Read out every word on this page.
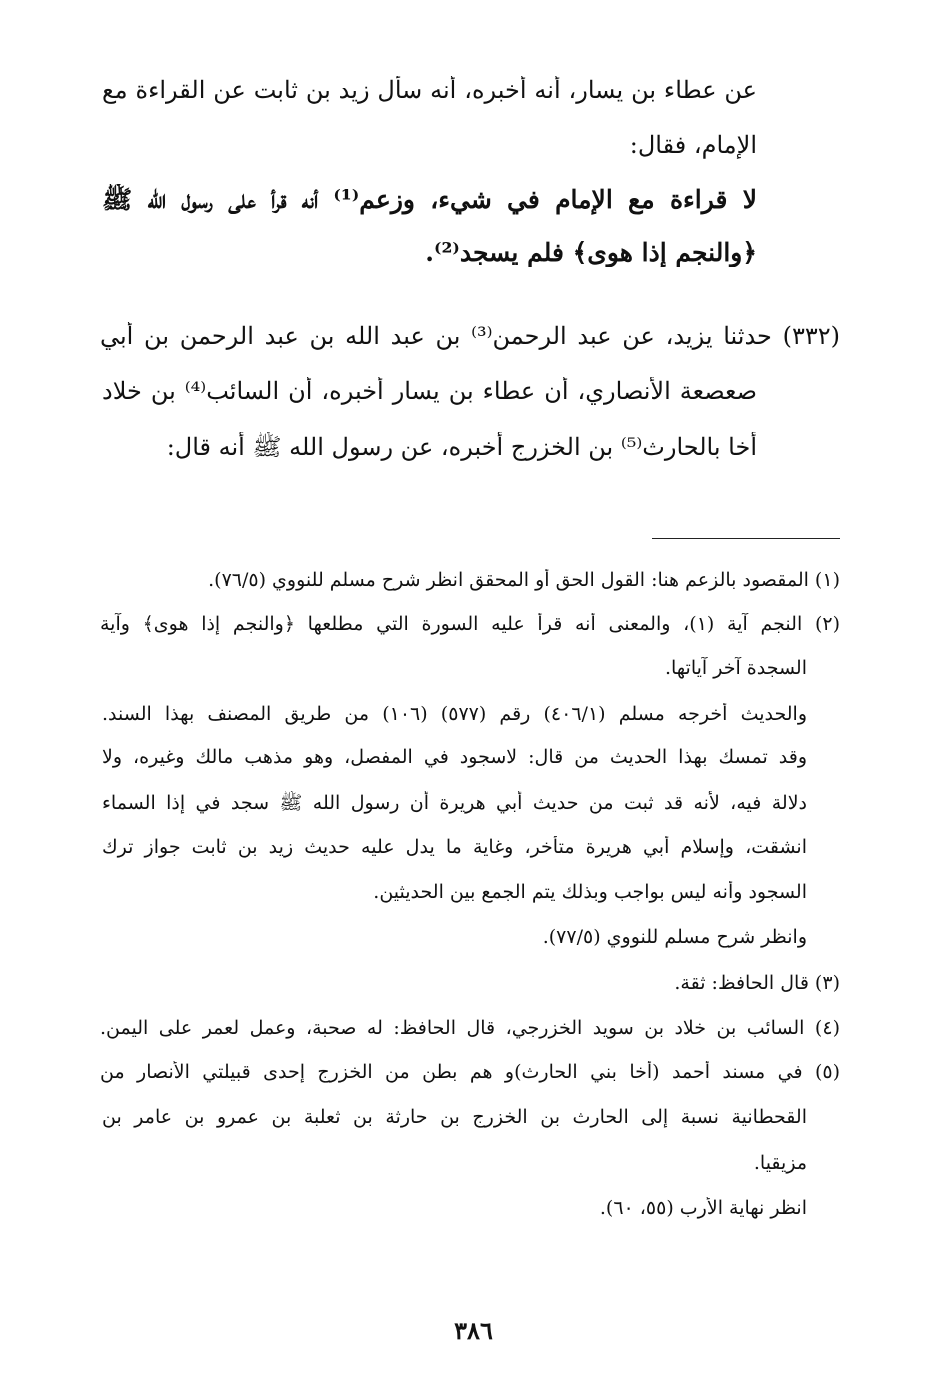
عن عطاء بن يسار، أنه أخبره، أنه سأل زيد بن ثابت عن القراءة مع
الإمام، فقال:
لا قراءة مع الإمام في شيء، وزعم⁽¹⁾ أنه قرأ على رسول الله ﷺ
﴿والنجم إذا هوى﴾ فلم يسجد⁽²⁾.
(٣٣٢) حدثنا يزيد، عن عبد الرحمن⁽³⁾ بن عبد الله بن عبد الرحمن بن أبي
صعصعة الأنصاري، أن عطاء بن يسار أخبره، أن السائب⁽⁴⁾ بن خلاد
أخا بالحارث⁽⁵⁾ بن الخزرج أخبره، عن رسول الله ﷺ أنه قال:
(١) المقصود بالزعم هنا: القول الحق أو المحقق انظر شرح مسلم للنووي (٧٦/٥).
(٢) النجم آية (١)، والمعنى أنه قرأ عليه السورة التي مطلعها ﴿والنجم إذا هوى﴾ وآية
السجدة آخر آياتها.
والحديث أخرجه مسلم (٤٠٦/١) رقم (٥٧٧) (١٠٦) من طريق المصنف بهذا السند.
وقد تمسك بهذا الحديث من قال: لاسجود في المفصل، وهو مذهب مالك وغيره، ولا
دلالة فيه، لأنه قد ثبت من حديث أبي هريرة أن رسول الله ﷺ سجد في إذا السماء
انشقت، وإسلام أبي هريرة متأخر، وغاية ما يدل عليه حديث زيد بن ثابت جواز ترك
السجود وأنه ليس بواجب وبذلك يتم الجمع بين الحديثين.
وانظر شرح مسلم للنووي (٧٧/٥).
(٣) قال الحافظ: ثقة.
(٤) السائب بن خلاد بن سويد الخزرجي، قال الحافظ: له صحبة، وعمل لعمر على اليمن.
(٥) في مسند أحمد (أخا بني الحارث)و هم بطن من الخزرج إحدى قبيلتي الأنصار من
القحطانية نسبة إلى الحارث بن الخزرج بن حارثة بن ثعلبة بن عمرو بن عامر بن
مزيقيا.
انظر نهاية الأرب (٥٥، ٦٠).
٣٨٦
